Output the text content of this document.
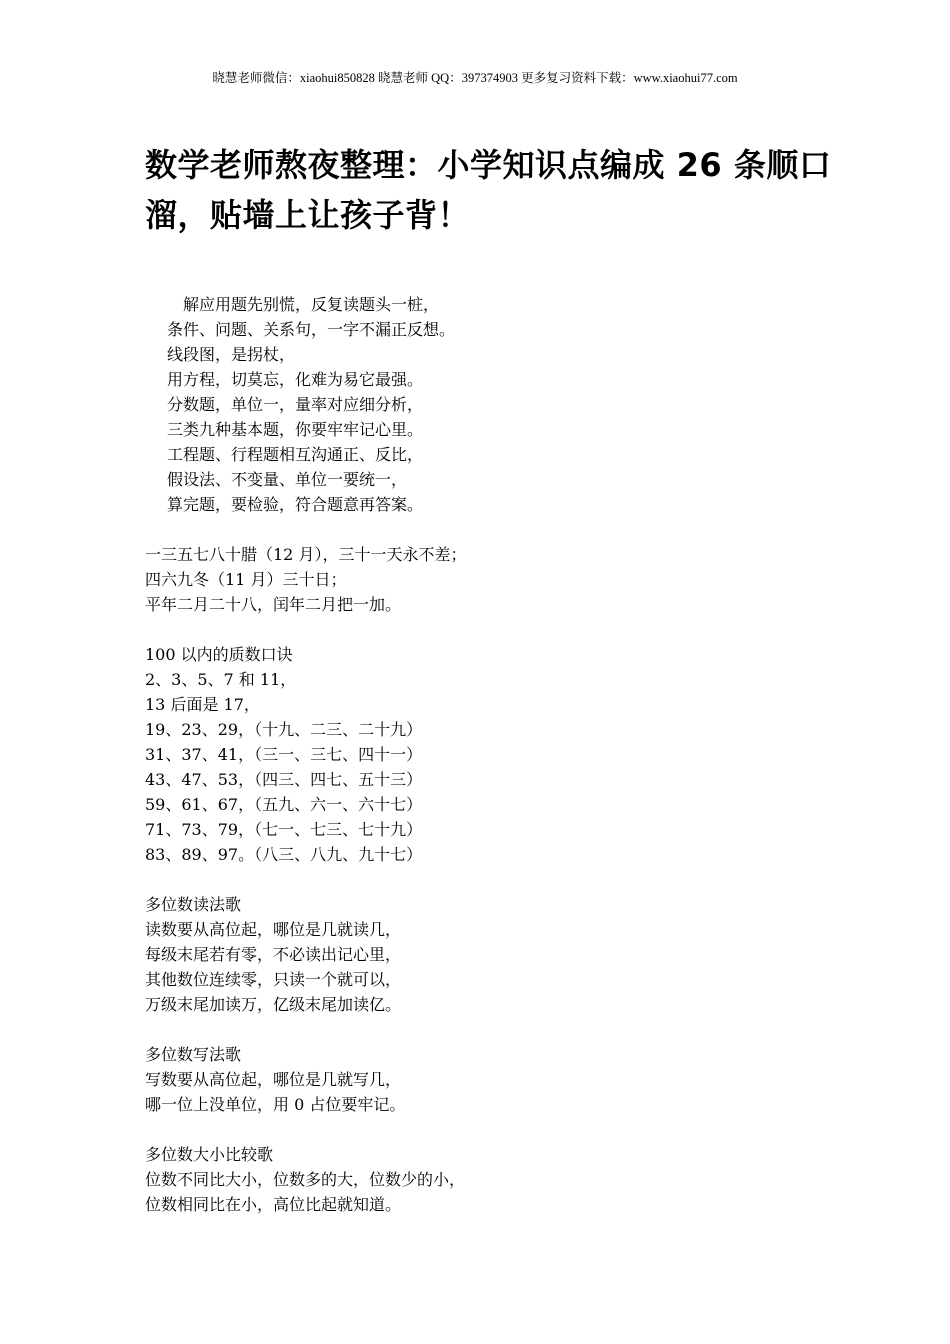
晓慧老师微信：xiaohui850828 晓慧老师 QQ：397374903 更多复习资料下载：www.xiaohui77.com
数学老师熬夜整理：小学知识点编成 26 条顺口溜，贴墙上让孩子背！
解应用题先别慌，反复读题头一桩，
条件、问题、关系句，一字不漏正反想。
线段图，是拐杖，
用方程，切莫忘，化难为易它最强。
分数题，单位一，量率对应细分析，
三类九种基本题，你要牢牢记心里。
工程题、行程题相互沟通正、反比，
假设法、不变量、单位一要统一，
算完题，要检验，符合题意再答案。
一三五七八十腊（12 月），三十一天永不差；
四六九冬（11 月）三十日；
平年二月二十八，闰年二月把一加。
100 以内的质数口诀
2、3、5、7 和 11，
13 后面是 17，
19、23、29，（十九、二三、二十九）
31、37、41，（三一、三七、四十一）
43、47、53，（四三、四七、五十三）
59、61、67，（五九、六一、六十七）
71、73、79，（七一、七三、七十九）
83、89、97。（八三、八九、九十七）
多位数读法歌
读数要从高位起，哪位是几就读几，
每级末尾若有零，不必读出记心里，
其他数位连续零，只读一个就可以，
万级末尾加读万，亿级末尾加读亿。
多位数写法歌
写数要从高位起，哪位是几就写几，
哪一位上没单位，用 0 占位要牢记。
多位数大小比较歌
位数不同比大小，位数多的大，位数少的小，
位数相同比在小，高位比起就知道。
